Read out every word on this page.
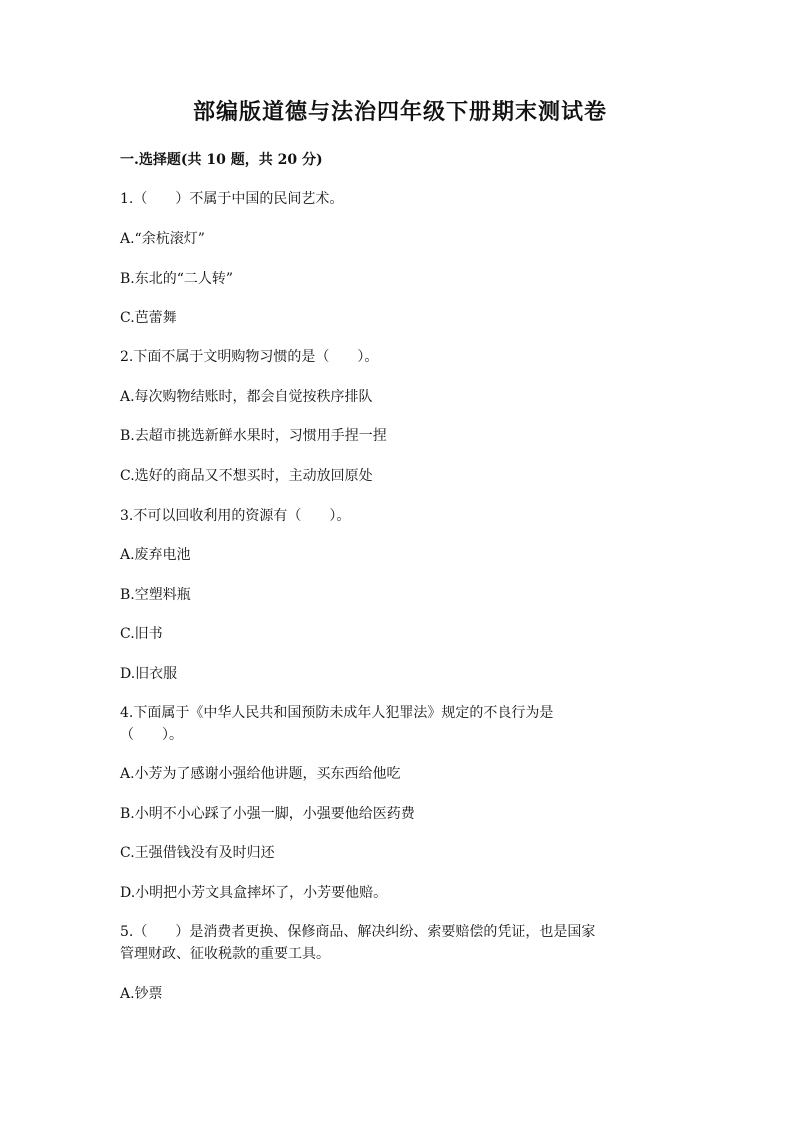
部编版道德与法治四年级下册期末测试卷
一.选择题(共 10 题，共 20 分)
1.（　　）不属于中国的民间艺术。
A.“余杭滚灯”
B.东北的“二人转”
C.芭蕾舞
2.下面不属于文明购物习惯的是（　　）。
A.每次购物结账时，都会自觉按秩序排队
B.去超市挑选新鲜水果时，习惯用手捏一捏
C.选好的商品又不想买时，主动放回原处
3.不可以回收利用的资源有（　　）。
A.废弃电池
B.空塑料瓶
C.旧书
D.旧衣服
4.下面属于《中华人民共和国预防未成年人犯罪法》规定的不良行为是
（　　）。
A.小芳为了感谢小强给他讲题，买东西给他吃
B.小明不小心踩了小强一脚，小强要他给医药费
C.王强借钱没有及时归还
D.小明把小芳文具盒摔坏了，小芳要他赔。
5.（　　）是消费者更换、保修商品、解决纠纷、索要赔偿的凭证，也是国家
管理财政、征收税款的重要工具。
A.钞票
